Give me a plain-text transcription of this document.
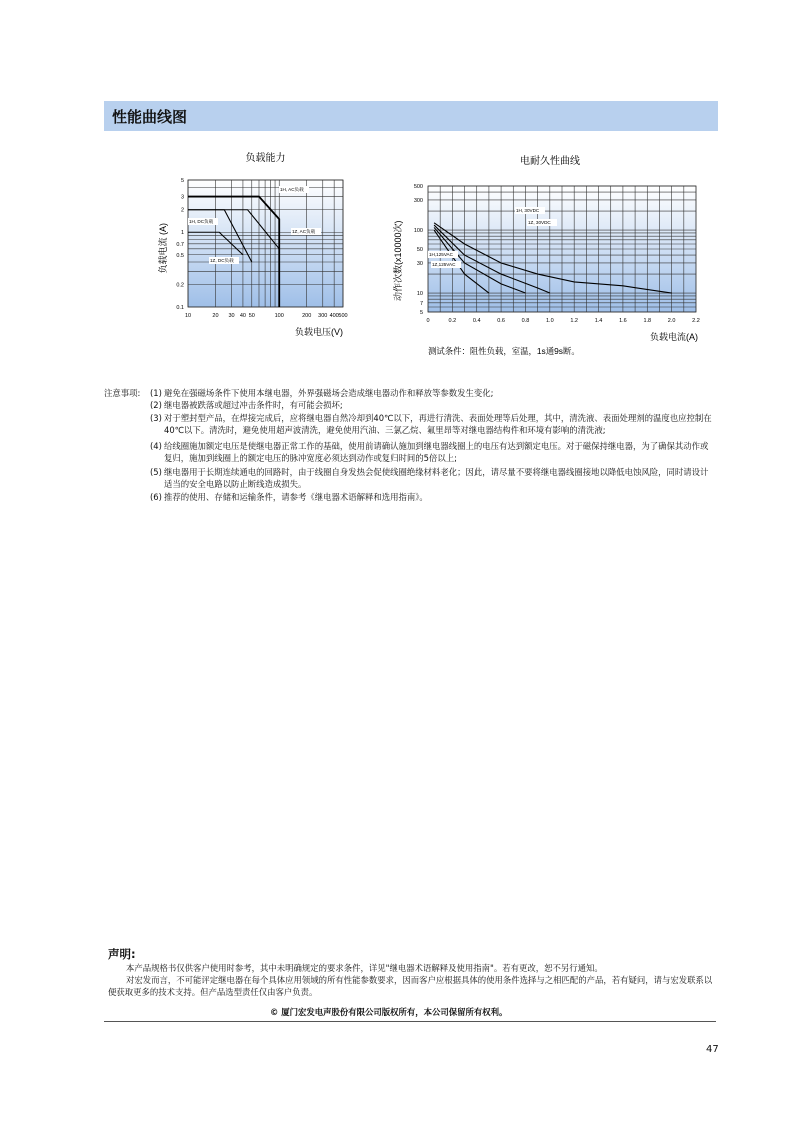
性能曲线图
负载能力
10	20 30 40 50	100	200 300 400 500
5
3
2
1
0.7
0.5
0.2
0.1
负载电压(V)
负载电流 (A)
1H, AC负载
1H, DC负载
1Z, AC负载
1Z, DC负载
电耐久性曲线
0	0.2	0.4	0.6	0.8	1.0	1.2	1.4	1.6	1.8	2.0	2.2
500
300
100
50
30
10
7
5
负载电流(A)
动作次数(x10000次)
1H, 30VDC
1Z, 30VDC
1H,125VAC
1Z,125VAC
测试条件：阻性负载，室温，1s通9s断。
注意事项: (1) 避免在强磁场条件下使用本继电器，外界强磁场会造成继电器动作和释放等参数发生变化;
(2) 继电器被跌落或超过冲击条件时，有可能会损坏;
(3) 对于塑封型产品，在焊接完成后，应将继电器自然冷却到40℃以下，再进行清洗、表面处理等后处理，其中，清洗液、表面处理剂的温度也应控制在40℃以下。清洗时，避免使用超声波清洗，避免使用汽油、三氯乙烷、氟里昂等对继电器结构件和环境有影响的清洗液;
(4) 给线圈施加额定电压是使继电器正常工作的基础，使用前请确认施加到继电器线圈上的电压有达到额定电压。对于磁保持继电器，为了确保其动作或复归，施加到线圈上的额定电压的脉冲宽度必须达到动作或复归时间的5倍以上;
(5) 继电器用于长期连续通电的回路时，由于线圈自身发热会促使线圈绝缘材料老化；因此，请尽量不要将继电器线圈接地以降低电蚀风险，同时请设计适当的安全电路以防止断线造成损失。
(6) 推荐的使用、存储和运输条件，请参考《继电器术语解释和选用指南》。
声明:
本产品规格书仅供客户使用时参考，其中未明确规定的要求条件，详见"继电器术语解释及使用指南"。若有更改，恕不另行通知。
对宏发而言，不可能评定继电器在每个具体应用领域的所有性能参数要求，因而客户应根据具体的使用条件选择与之相匹配的产品，若有疑问，请与宏发联系以便获取更多的技术支持。但产品选型责任仅由客户负责。
© 厦门宏发电声股份有限公司版权所有，本公司保留所有权利。
47
